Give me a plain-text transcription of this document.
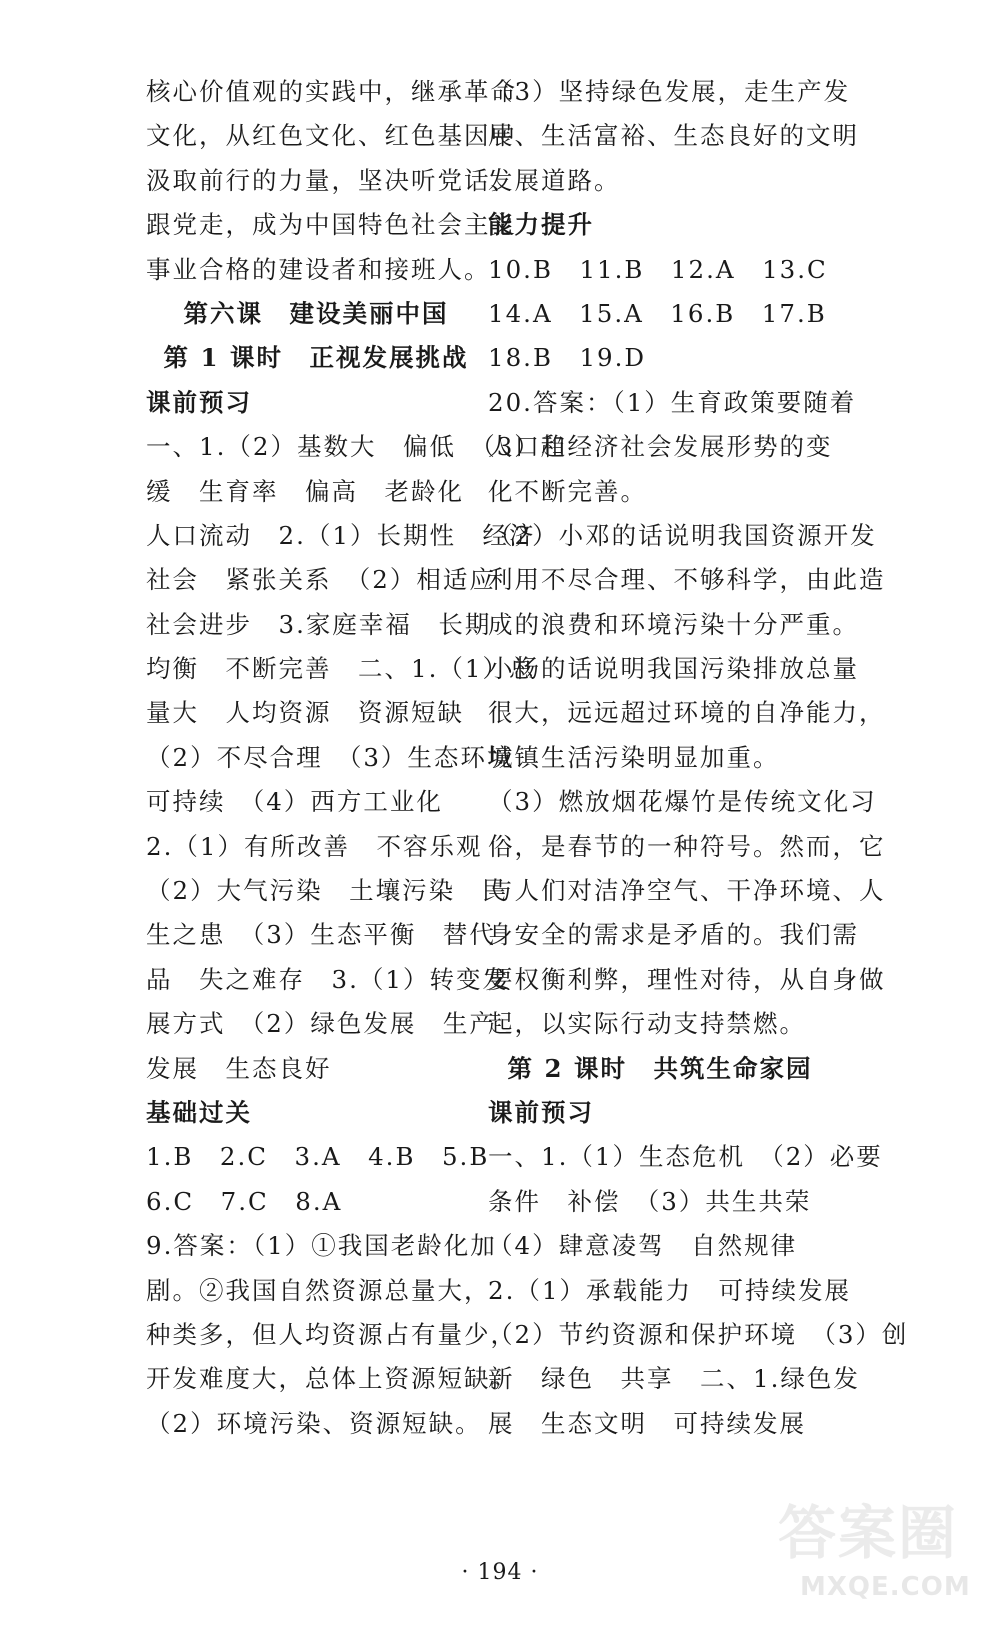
核心价值观的实践中，继承革命
文化，从红色文化、红色基因中
汲取前行的力量，坚决听党话、
跟党走，成为中国特色社会主义
事业合格的建设者和接班人。
第六课　建设美丽中国
第 1 课时　正视发展挑战
课前预习
一、1.（2）基数大　偏低　（3）趋
缓　生育率　偏高　老龄化
人口流动　2.（1）长期性　经济
社会　紧张关系　（2）相适应
社会进步　3.家庭幸福　长期
均衡　不断完善　二、1.（1）总
量大　人均资源　资源短缺
（2）不尽合理　（3）生态环境
可持续　（4）西方工业化
2.（1）有所改善　不容乐观
（2）大气污染　土壤污染　民
生之患　（3）生态平衡　替代
品　失之难存　3.（1）转变发
展方式　（2）绿色发展　生产
发展　生态良好
基础过关
1.B　2.C　3.A　4.B　5.B
6.C　7.C　8.A
9.答案：（1）①我国老龄化加
剧。②我国自然资源总量大，
种类多，但人均资源占有量少，
开发难度大，总体上资源短缺。
（2）环境污染、资源短缺。
（3）坚持绿色发展，走生产发
展、生活富裕、生态良好的文明
发展道路。
能力提升
10.B　11.B　12.A　13.C
14.A　15.A　16.B　17.B
18.B　19.D
20.答案：（1）生育政策要随着
人口和经济社会发展形势的变
化不断完善。
（2）小邓的话说明我国资源开发
利用不尽合理、不够科学，由此造
成的浪费和环境污染十分严重。
小杨的话说明我国污染排放总量
很大，远远超过环境的自净能力，
城镇生活污染明显加重。
（3）燃放烟花爆竹是传统文化习
俗，是春节的一种符号。然而，它
与人们对洁净空气、干净环境、人
身安全的需求是矛盾的。我们需
要权衡利弊，理性对待，从自身做
起，以实际行动支持禁燃。
第 2 课时　共筑生命家园
课前预习
一、1.（1）生态危机　（2）必要
条件　补偿　（3）共生共荣
（4）肆意凌驾　自然规律
2.（1）承载能力　可持续发展
（2）节约资源和保护环境　（3）创
新　绿色　共享　二、1.绿色发
展　生态文明　可持续发展
· 194 ·
答案圈
MXQE.COM
